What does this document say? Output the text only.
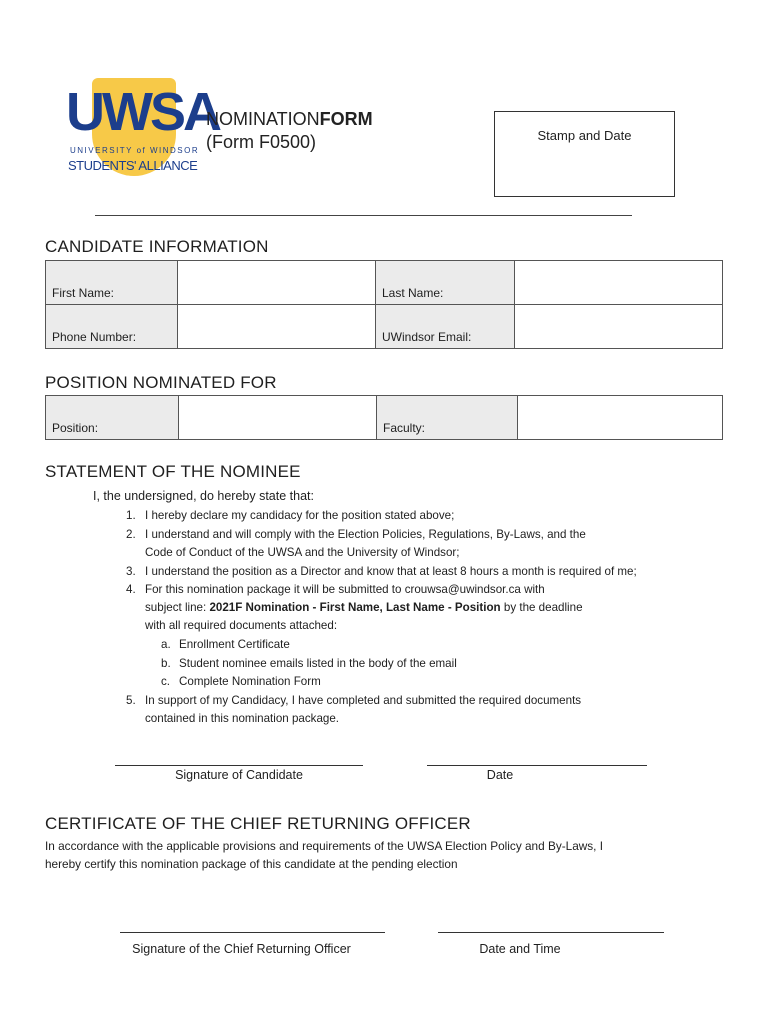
UWSA
UNIVERSITY of WINDSOR
STUDENTS' ALLIANCE
NOMINATIONFORM
(Form F0500)	Stamp and Date
CANDIDATE INFORMATION
First Name:		Last Name:	
Phone Number:		UWindsor Email:	
POSITION NOMINATED FOR
Position:		Faculty:	
STATEMENT OF THE NOMINEE
I, the undersigned, do hereby state that:
1. I hereby declare my candidacy for the position stated above;
2. I understand and will comply with the Election Policies, Regulations, By-Laws, and the
Code of Conduct of the UWSA and the University of Windsor;
3. I understand the position as a Director and know that at least 8 hours a month is required of me;
4. For this nomination package it will be submitted to crouwsa@uwindsor.ca with
subject line: 2021F Nomination - First Name, Last Name - Position by the deadline
with all required documents attached:
a. Enrollment Certificate
b. Student nominee emails listed in the body of the email
c. Complete Nomination Form
5. In support of my Candidacy, I have completed and submitted the required documents
contained in this nomination package.
Signature of Candidate	Date
CERTIFICATE OF THE CHIEF RETURNING OFFICER
In accordance with the applicable provisions and requirements of the UWSA Election Policy and By-Laws, I
hereby certify this nomination package of this candidate at the pending election
Signature of the Chief Returning Officer	Date and Time
